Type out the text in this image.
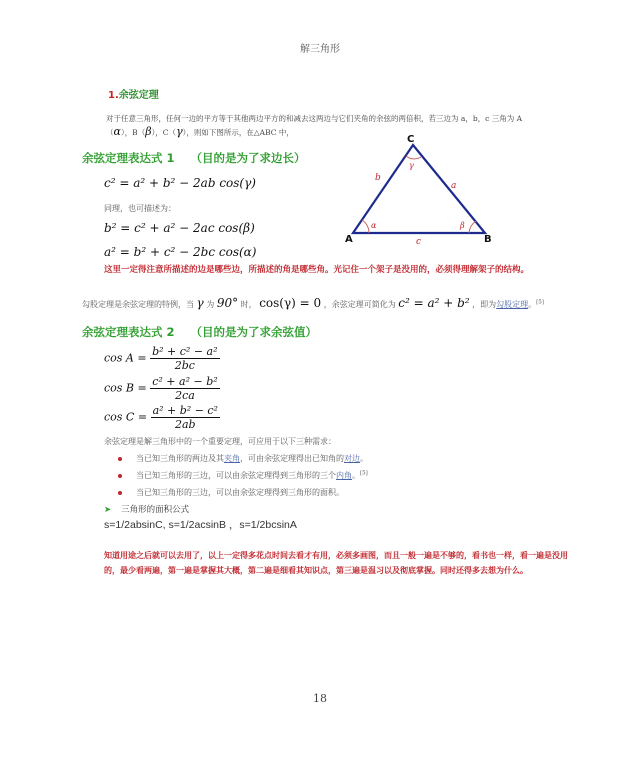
解三角形
1.余弦定理
对于任意三角形，任何一边的平方等于其他两边平方的和减去这两边与它们夹角的余弦的两倍积，若三边为 a，b，c 三角为 A
（α），B（β），C（γ），则如下图所示，在△ABC 中，
余弦定理表达式 1 （目的是为了求边长）
c² = a² + b² − 2ab cos(γ)
同理，也可描述为：
b² = c² + a² − 2ac cos(β)
a² = b² + c² − 2bc cos(α)
C
A	B
a
b
c
α	β
γ
这里一定得注意所描述的边是哪些边，所描述的角是哪些角。光记住一个架子是没用的，必须得理解架子的结构。
勾股定理是余弦定理的特例，当 γ 为 90° 时， cos(γ) = 0 ，余弦定理可简化为 c² = a² + b² ，即为勾股定理。[5]
余弦定理表达式 2 （目的是为了求余弦值）
$\cos A = \frac{\text{b² + c² − a²}}{2bc}$
$\cos B = \frac{\text{c² + a² − b²}}{2ca}$
$\cos C = \frac{\text{a² + b² − c²}}{2ab}$
余弦定理是解三角形中的一个重要定理，可应用于以下三种需求：
当已知三角形的两边及其夹角，可由余弦定理得出已知角的对边。
当已知三角形的三边，可以由余弦定理得到三角形的三个内角。[5]
当已知三角形的三边，可以由余弦定理得到三角形的面积。
➤ 三角形的面积公式
s=1/2absinC, s=1/2acsinB ，s=1/2bcsinA
知道用途之后就可以去用了，以上一定得多花点时间去看才有用，必须多画图，而且一般一遍是不够的，看书也一样，看一遍是没用的，最少看两遍，第一遍是掌握其大概，第二遍是细看其知识点，第三遍是温习以及彻底掌握。同时还得多去想为什么。
18
